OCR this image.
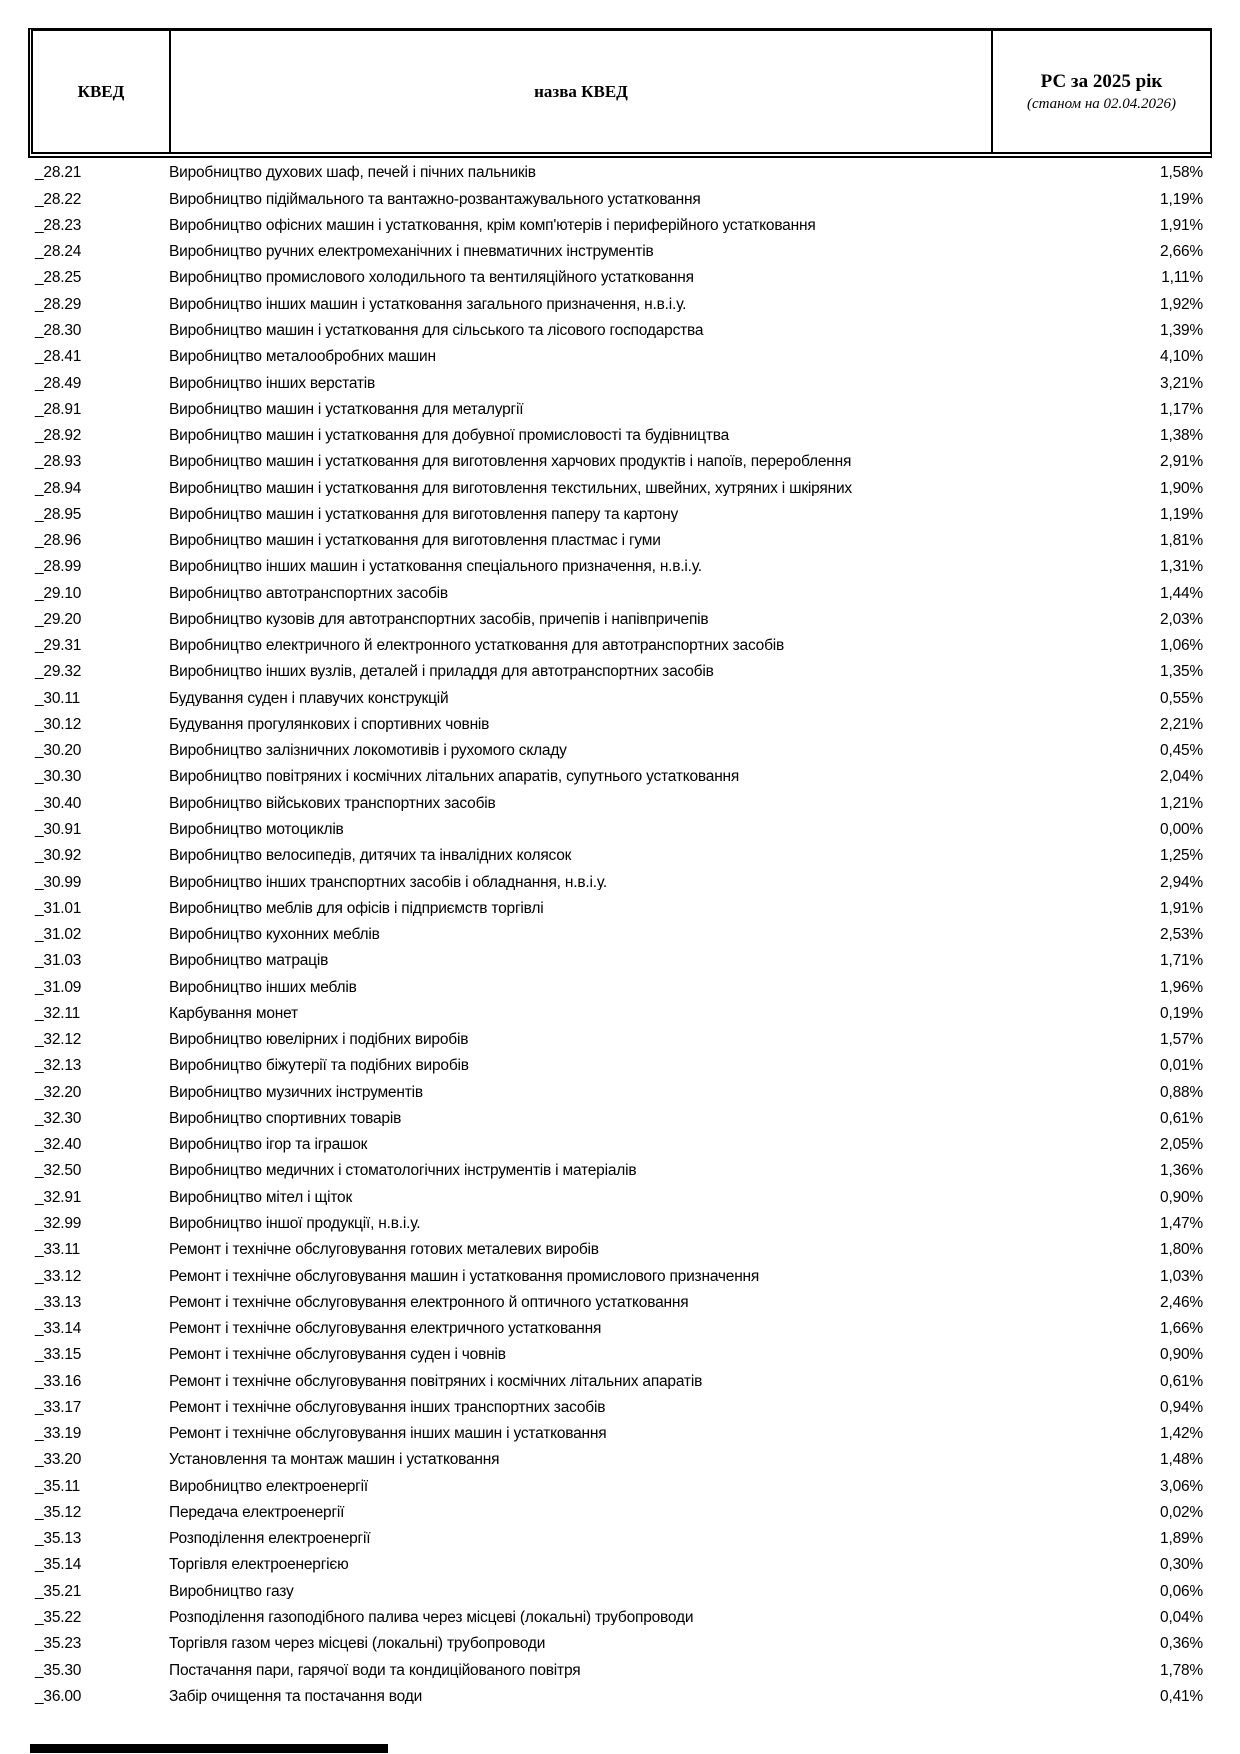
КВЕД	назва КВЕД	РС за 2025 рік
(станом на 02.04.2026)
_28.21	Виробництво духових шаф, печей і пічних пальників	1,58%
_28.22	Виробництво підіймального та вантажно-розвантажувального устатковання	1,19%
_28.23	Виробництво офісних машин і устатковання, крім комп'ютерів і периферійного устатковання	1,91%
_28.24	Виробництво ручних електромеханічних і пневматичних інструментів	2,66%
_28.25	Виробництво промислового холодильного та вентиляційного устатковання	1,11%
_28.29	Виробництво інших машин і устатковання загального призначення, н.в.і.у.	1,92%
_28.30	Виробництво машин і устатковання для сільського та лісового господарства	1,39%
_28.41	Виробництво металообробних машин	4,10%
_28.49	Виробництво інших верстатів	3,21%
_28.91	Виробництво машин і устатковання для металургії	1,17%
_28.92	Виробництво машин і устатковання для добувної промисловості та будівництва	1,38%
_28.93	Виробництво машин і устатковання для виготовлення харчових продуктів і напоїв, перероблення	2,91%
_28.94	Виробництво машин і устатковання для виготовлення текстильних, швейних, хутряних і шкіряних	1,90%
_28.95	Виробництво машин і устатковання для виготовлення паперу та картону	1,19%
_28.96	Виробництво машин і устатковання для виготовлення пластмас і гуми	1,81%
_28.99	Виробництво інших машин і устатковання спеціального призначення, н.в.і.у.	1,31%
_29.10	Виробництво автотранспортних засобів	1,44%
_29.20	Виробництво кузовів для автотранспортних засобів, причепів і напівпричепів	2,03%
_29.31	Виробництво електричного й електронного устатковання для автотранспортних засобів	1,06%
_29.32	Виробництво інших вузлів, деталей і приладдя для автотранспортних засобів	1,35%
_30.11	Будування суден і плавучих конструкцій	0,55%
_30.12	Будування прогулянкових і спортивних човнів	2,21%
_30.20	Виробництво залізничних локомотивів і рухомого складу	0,45%
_30.30	Виробництво повітряних і космічних літальних апаратів, супутнього устатковання	2,04%
_30.40	Виробництво військових транспортних засобів	1,21%
_30.91	Виробництво мотоциклів	0,00%
_30.92	Виробництво велосипедів, дитячих та інвалідних колясок	1,25%
_30.99	Виробництво інших транспортних засобів і обладнання, н.в.і.у.	2,94%
_31.01	Виробництво меблів для офісів і підприємств торгівлі	1,91%
_31.02	Виробництво кухонних меблів	2,53%
_31.03	Виробництво матраців	1,71%
_31.09	Виробництво інших меблів	1,96%
_32.11	Карбування монет	0,19%
_32.12	Виробництво ювелірних і подібних виробів	1,57%
_32.13	Виробництво біжутерії та подібних виробів	0,01%
_32.20	Виробництво музичних інструментів	0,88%
_32.30	Виробництво спортивних товарів	0,61%
_32.40	Виробництво ігор та іграшок	2,05%
_32.50	Виробництво медичних і стоматологічних інструментів і матеріалів	1,36%
_32.91	Виробництво мітел і щіток	0,90%
_32.99	Виробництво іншої продукції, н.в.і.у.	1,47%
_33.11	Ремонт і технічне обслуговування готових металевих виробів	1,80%
_33.12	Ремонт і технічне обслуговування машин і устатковання промислового призначення	1,03%
_33.13	Ремонт і технічне обслуговування електронного й оптичного устатковання	2,46%
_33.14	Ремонт і технічне обслуговування електричного устатковання	1,66%
_33.15	Ремонт і технічне обслуговування суден і човнів	0,90%
_33.16	Ремонт і технічне обслуговування повітряних і космічних літальних апаратів	0,61%
_33.17	Ремонт і технічне обслуговування інших транспортних засобів	0,94%
_33.19	Ремонт і технічне обслуговування інших машин і устатковання	1,42%
_33.20	Установлення та монтаж машин і устатковання	1,48%
_35.11	Виробництво електроенергії	3,06%
_35.12	Передача електроенергії	0,02%
_35.13	Розподілення електроенергії	1,89%
_35.14	Торгівля електроенергією	0,30%
_35.21	Виробництво газу	0,06%
_35.22	Розподілення газоподібного палива через місцеві (локальні) трубопроводи	0,04%
_35.23	Торгівля газом через місцеві (локальні) трубопроводи	0,36%
_35.30	Постачання пари, гарячої води та кондиційованого повітря	1,78%
_36.00	Забір очищення та постачання води	0,41%
